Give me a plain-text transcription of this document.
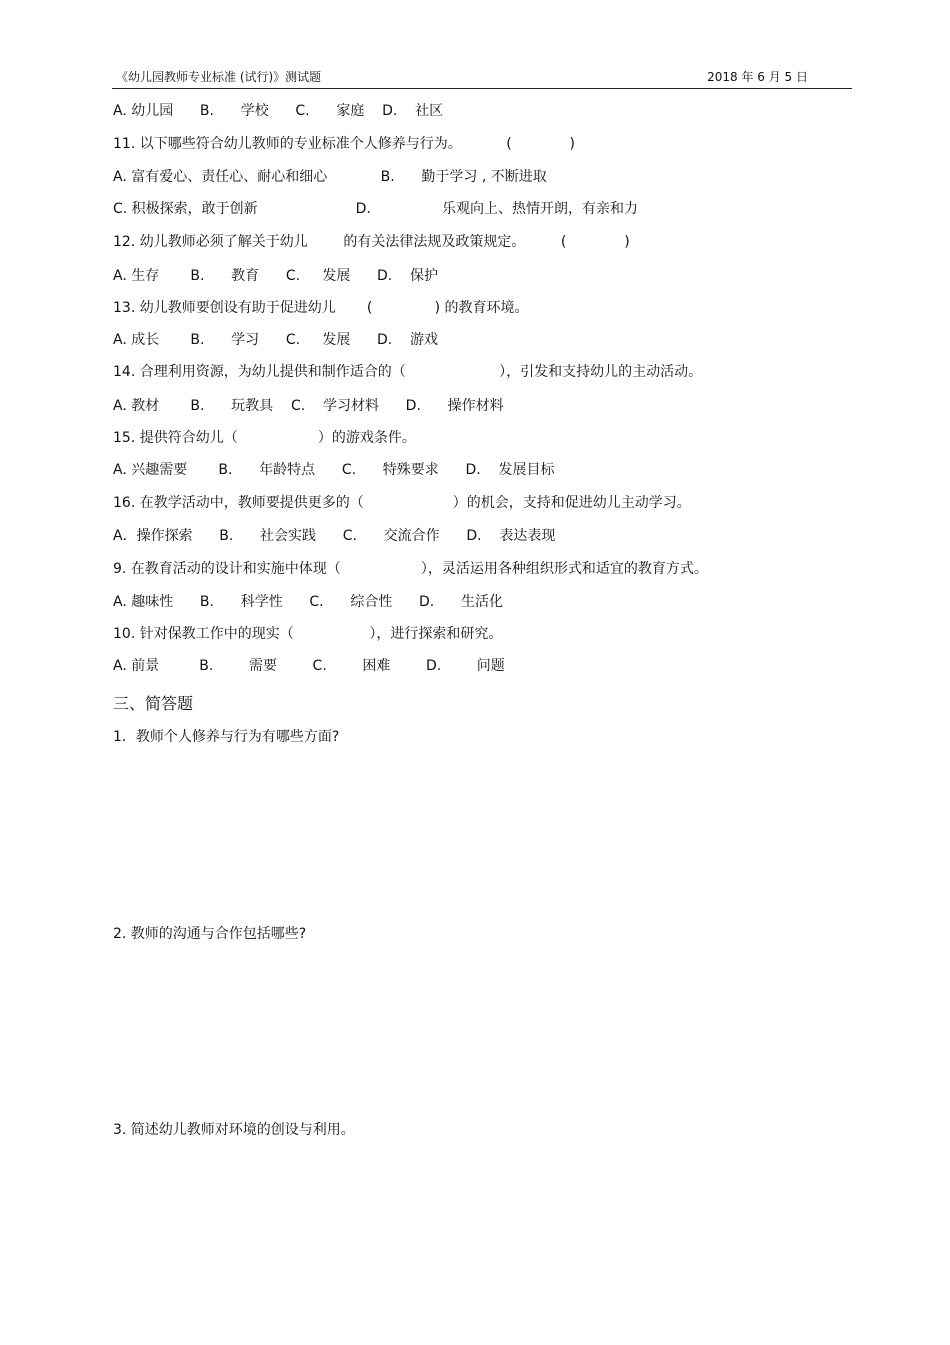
《幼儿园教师专业标准 (试行)》测试题	2018 年 6 月 5 日
A. 幼儿园      B.      学校      C.      家庭    D.    社区
11. 以下哪些符合幼儿教师的专业标准个人修养与行为。          (             )
A. 富有爱心、责任心、耐心和细心            B.      勤于学习 , 不断进取
C. 积极探索，敢于创新                      D.                乐观向上、热情开朗，有亲和力
12. 幼儿教师必须了解关于幼儿        的有关法律法规及政策规定。        (             )
A. 生存       B.      教育      C.     发展      D.    保护
13. 幼儿教师要创设有助于促进幼儿       (              ) 的教育环境。
A. 成长       B.      学习      C.     发展      D.    游戏
14. 合理利用资源，为幼儿提供和制作适合的（                     ），引发和支持幼儿的主动活动。
A. 教材       B.      玩教具    C.    学习材料      D.      操作材料
15. 提供符合幼儿（                  ）的游戏条件。
A. 兴趣需要       B.      年龄特点      C.      特殊要求      D.    发展目标
16. 在教学活动中，教师要提供更多的（                    ）的机会，支持和促进幼儿主动学习。
A．操作探索      B.      社会实践      C.      交流合作      D.    表达表现
9. 在教育活动的设计和实施中体现（                  ），灵活运用各种组织形式和适宜的教育方式。
A. 趣味性      B.      科学性      C.      综合性      D.      生活化
10. 针对保教工作中的现实（                 ），进行探索和研究。
A. 前景         B.        需要        C.        困难        D.        问题
三、简答题
1．教师个人修养与行为有哪些方面?
2. 教师的沟通与合作包括哪些?
3. 简述幼儿教师对环境的创设与利用。
